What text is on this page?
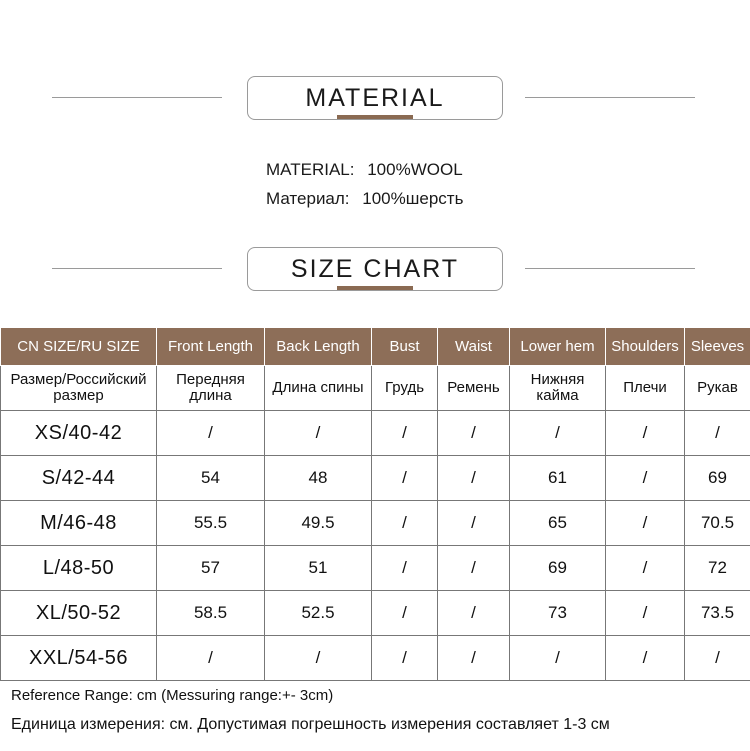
MATERIAL
MATERIAL: 100%WOOL
Материал: 100%шерсть
SIZE CHART
CN SIZE/RU SIZE	Front Length	Back Length	Bust	Waist	Lower hem	Shoulders	Sleeves
Размер/Российский размер	Передняя длина	Длина спины	Грудь	Ремень	Нижняя кайма	Плечи	Рукав
XS/40-42	/	/	/	/	/	/	/
S/42-44	54	48	/	/	61	/	69
M/46-48	55.5	49.5	/	/	65	/	70.5
L/48-50	57	51	/	/	69	/	72
XL/50-52	58.5	52.5	/	/	73	/	73.5
XXL/54-56	/	/	/	/	/	/	/
Reference Range: cm (Messuring range:+- 3cm)
Единица измерения: см. Допустимая погрешность измерения составляет 1-3 см
